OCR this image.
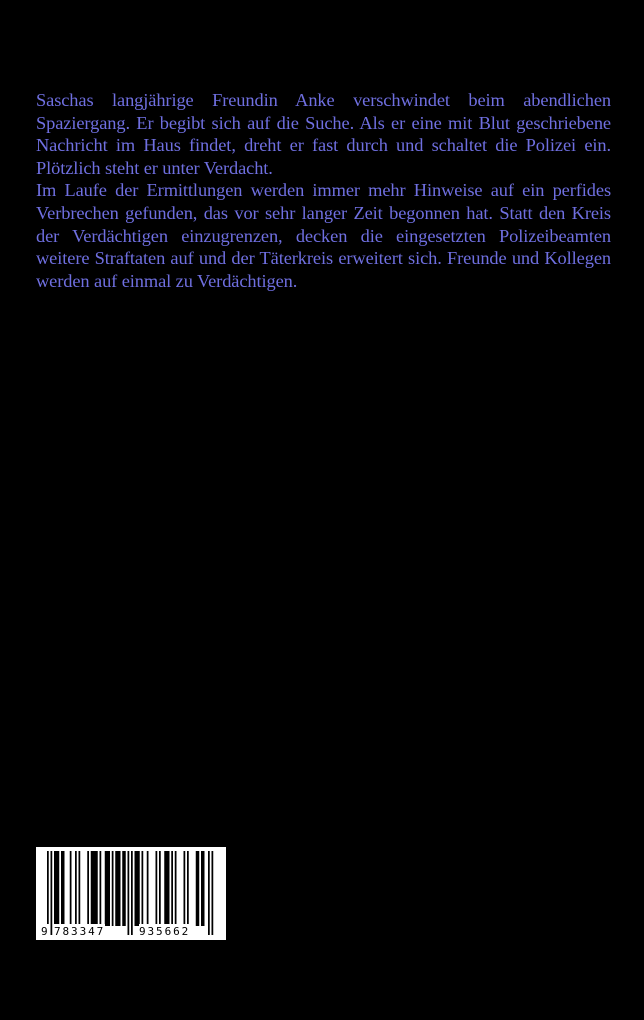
Saschas langjährige Freundin Anke verschwindet beim abendlichen Spaziergang. Er begibt sich auf die Suche. Als er eine mit Blut geschriebene Nachricht im Haus findet, dreht er fast durch und schaltet die Polizei ein. Plötzlich steht er unter Verdacht.

Im Laufe der Ermittlungen werden immer mehr Hinweise auf ein perfides Verbrechen gefunden, das vor sehr langer Zeit begonnen hat. Statt den Kreis der Verdächtigen einzugrenzen, decken die eingesetzten Polizeibeamten weitere Straftaten auf und der Täterkreis erweitert sich. Freunde und Kollegen werden auf einmal zu Verdächtigen.

9 783347	935662
